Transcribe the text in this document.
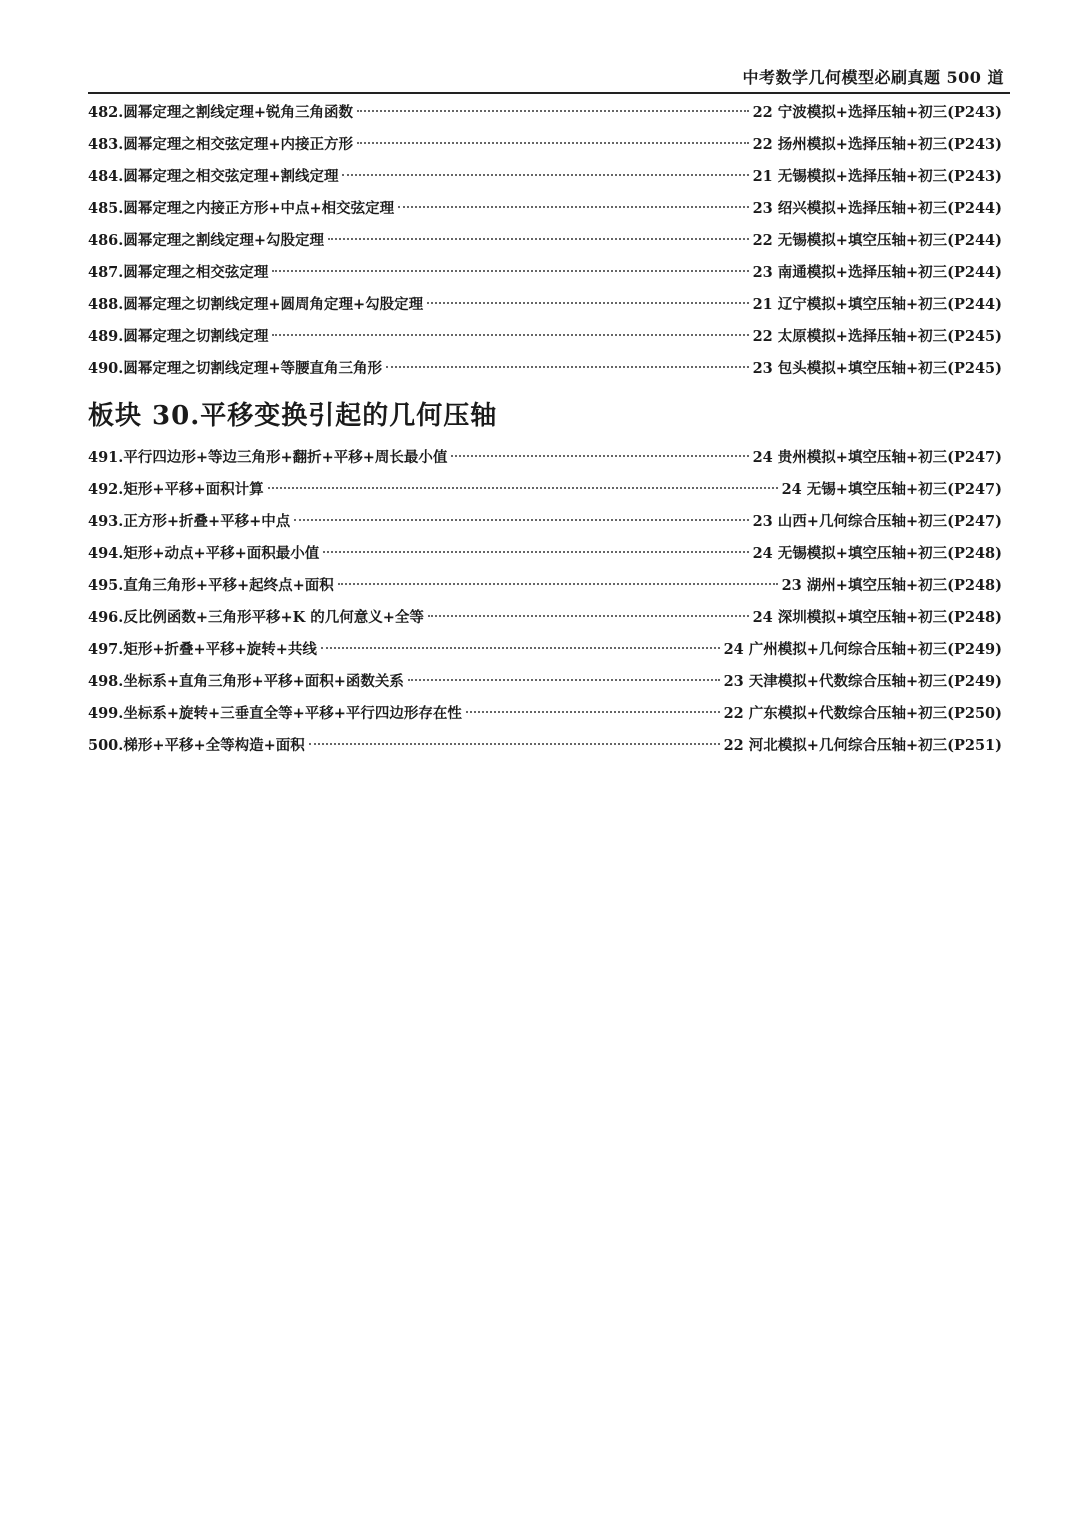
中考数学几何模型必刷真题 500 道
482. 圆幂定理之割线定理+锐角三角函数	22 宁波模拟+选择压轴+初三(P243)
483. 圆幂定理之相交弦定理+内接正方形	22 扬州模拟+选择压轴+初三(P243)
484. 圆幂定理之相交弦定理+割线定理	21 无锡模拟+选择压轴+初三(P243)
485. 圆幂定理之内接正方形+中点+相交弦定理	23 绍兴模拟+选择压轴+初三(P244)
486. 圆幂定理之割线定理+勾股定理	22 无锡模拟+填空压轴+初三(P244)
487. 圆幂定理之相交弦定理	23 南通模拟+选择压轴+初三(P244)
488. 圆幂定理之切割线定理+圆周角定理+勾股定理	21 辽宁模拟+填空压轴+初三(P244)
489. 圆幂定理之切割线定理	22 太原模拟+选择压轴+初三(P245)
490. 圆幂定理之切割线定理+等腰直角三角形	23 包头模拟+填空压轴+初三(P245)
板块 30.平移变换引起的几何压轴
491. 平行四边形+等边三角形+翻折+平移+周长最小值	24 贵州模拟+填空压轴+初三(P247)
492. 矩形+平移+面积计算	24 无锡+填空压轴+初三(P247)
493. 正方形+折叠+平移+中点	23 山西+几何综合压轴+初三(P247)
494. 矩形+动点+平移+面积最小值	24 无锡模拟+填空压轴+初三(P248)
495. 直角三角形+平移+起终点+面积	23 湖州+填空压轴+初三(P248)
496. 反比例函数+三角形平移+K 的几何意义+全等	24 深圳模拟+填空压轴+初三(P248)
497. 矩形+折叠+平移+旋转+共线	24 广州模拟+几何综合压轴+初三(P249)
498. 坐标系+直角三角形+平移+面积+函数关系	23 天津模拟+代数综合压轴+初三(P249)
499. 坐标系+旋转+三垂直全等+平移+平行四边形存在性	22 广东模拟+代数综合压轴+初三(P250)
500. 梯形+平移+全等构造+面积	22 河北模拟+几何综合压轴+初三(P251)
